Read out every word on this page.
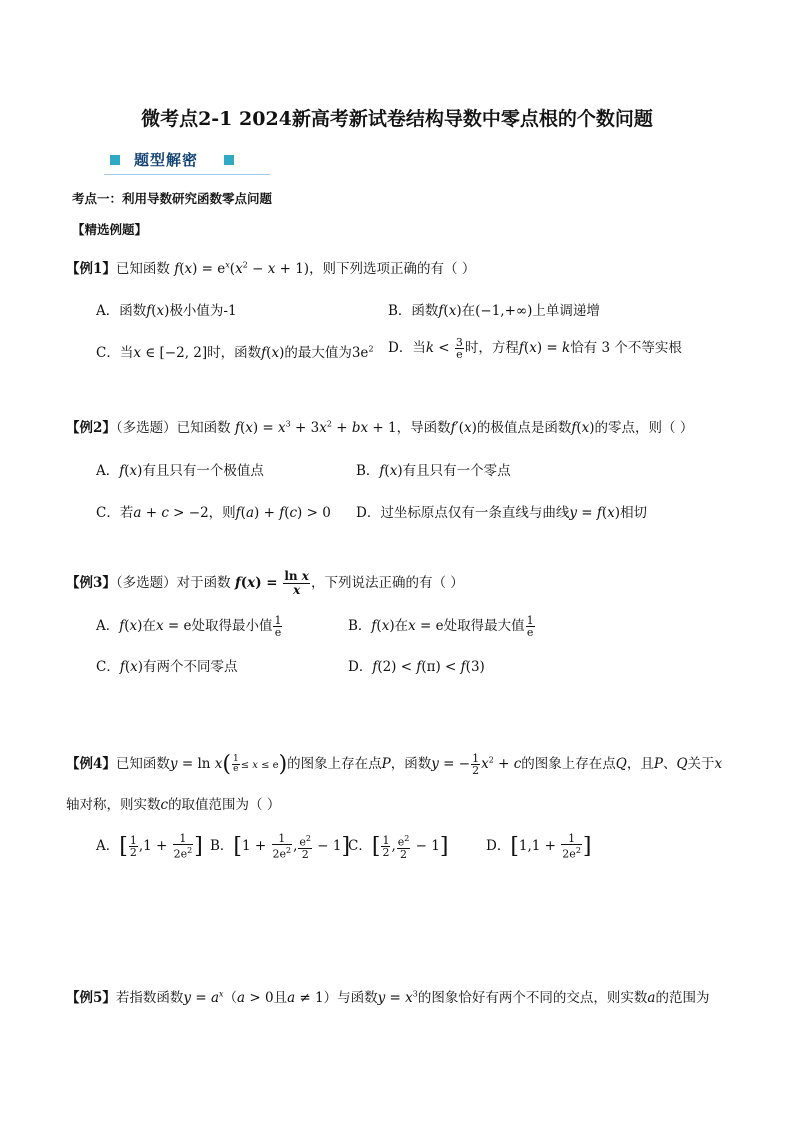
微考点2-1 2024新高考新试卷结构导数中零点根的个数问题
题型解密
考点一：利用导数研究函数零点问题
【精选例题】
【例1】已知函数 $f(x) = e^x(x^2 - x + 1)$，则下列选项正确的有（ ）
A．函数f(x)极小值为-1	B．函数f(x)在(−1,+∞)上单调递增
C．当x ∈ [−2, 2]时，函数f(x)的最大值为$3e^2$ D．当$k < \frac{3}{e}$ 时，方程f(x) = k恰有 3 个不等实根
【例2】（多选题）已知函数 $f(x) = x^3 + 3x^2$ + bx + 1，导函数f′(x)的极值点是函数f(x)的零点，则（ ）
A．f(x)有且只有一个极值点	B．f(x)有且只有一个零点
C．若a + c > −2，则f(a) + f(c) > 0 D．过坐标原点仅有一条直线与曲线y = f(x)相切
【例3】（多选题）对于函数 $f(x) = \frac{\text{ln x}}{x}$ ，下列说法正确的有（ ）
A．f(x)在x = e处取得最小值 $\frac{1}{e}$	B．f(x)在x = e处取得最大值 $\frac{1}{e}$
C．f(x)有两个不同零点	D．f(2) < f(π) < f(3)
【例4】已知函数$y = \ln x( \frac{1}{e} \le x \le e)$的图象上存在点P，函数y = − $\frac{1}{2} x^2 + c$的图象上存在点Q，且P、Q关于x
轴对称，则实数c的取值范围为（ ）
A．[ $\frac{1}{2} ,1 + \frac{1}{2e^2}$ ] B．[$1 + \frac{1}{2e^2}$ , $\frac{e^2}{2} - 1$]
C．[ $\frac{1}{2}$ , $\frac{e^2}{2} - 1$]	D．[$1,1 + \frac{1}{2e^2}$ ]
【例5】若指数函数$y = a^x(a > 0$且a ≠ 1）与函数$y = x^3$的图象恰好有两个不同的交点，则实数a的范围为
